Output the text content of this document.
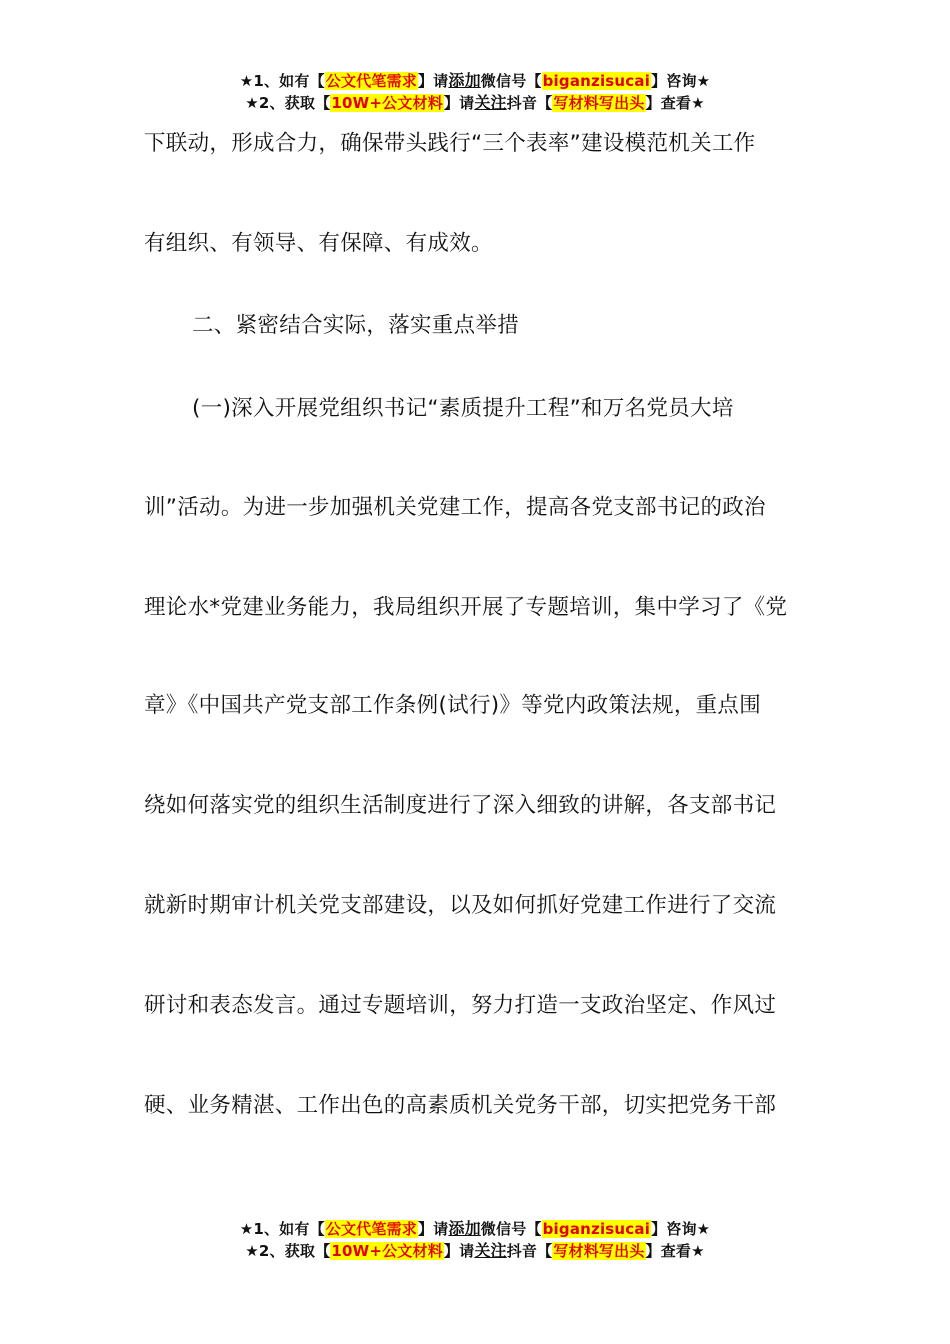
★1、如有【公文代笔需求】请添加微信号【biganzisucai】咨询★
★2、获取【10W+公文材料】请关注抖音【写材料写出头】查看★
下联动，形成合力，确保带头践行“三个表率”建设模范机关工作
有组织、有领导、有保障、有成效。
二、紧密结合实际，落实重点举措
(一)深入开展党组织书记“素质提升工程”和万名党员大培
训”活动。为进一步加强机关党建工作，提高各党支部书记的政治
理论水*党建业务能力，我局组织开展了专题培训，集中学习了《党
章》《中国共产党支部工作条例(试行)》等党内政策法规，重点围
绕如何落实党的组织生活制度进行了深入细致的讲解，各支部书记
就新时期审计机关党支部建设，以及如何抓好党建工作进行了交流
研讨和表态发言。通过专题培训，努力打造一支政治坚定、作风过
硬、业务精湛、工作出色的高素质机关党务干部，切实把党务干部
★1、如有【公文代笔需求】请添加微信号【biganzisucai】咨询★
★2、获取【10W+公文材料】请关注抖音【写材料写出头】查看★
